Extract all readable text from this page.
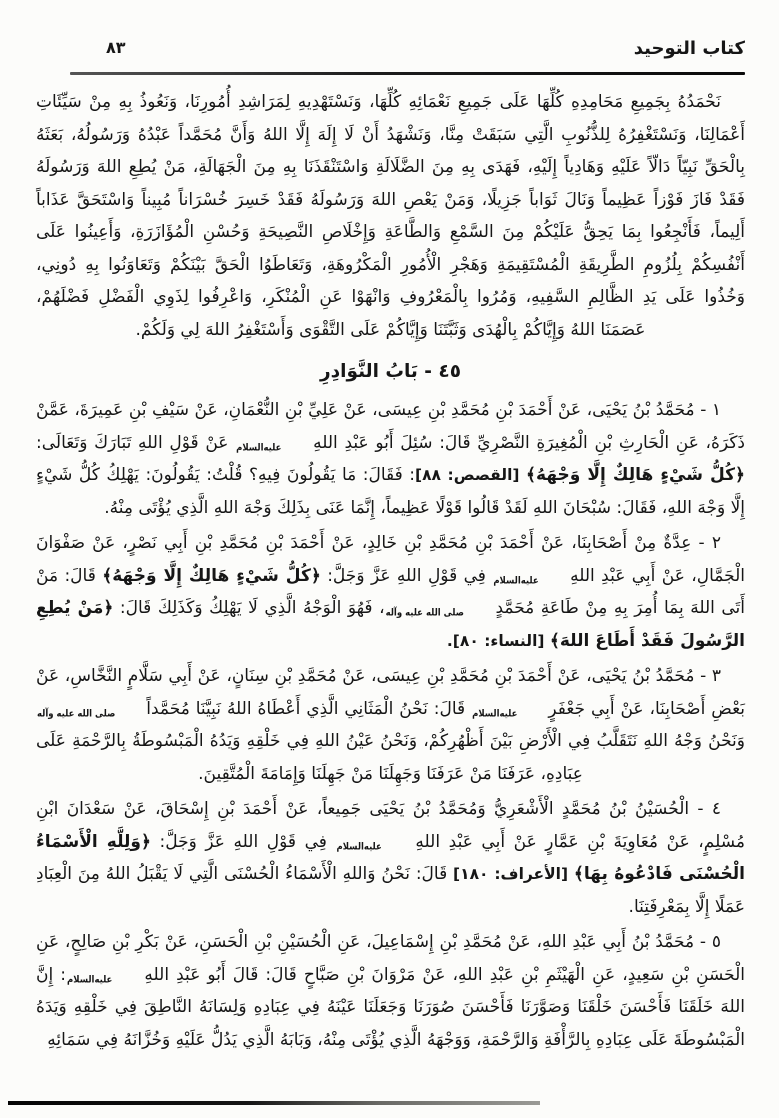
كتاب التوحيد
٨٣

نَحْمَدُهُ بِجَمِيعِ مَحَامِدِهِ كُلِّهَا عَلَى جَمِيعِ نَعْمَائِهِ كُلِّهَا، وَنَسْتَهْدِيهِ لِمَرَاشِدِ أُمُورِنَا، وَنَعُوذُ بِهِ مِنْ سَيِّئَاتِ أَعْمَالِنَا، وَنَسْتَغْفِرُهُ لِلذُّنُوبِ الَّتِي سَبَقَتْ مِنَّا، وَنَشْهَدُ أَنْ لَا إِلَهَ إِلَّا اللهُ وَأَنَّ مُحَمَّداً عَبْدُهُ وَرَسُولُهُ، بَعَثَهُ بِالْحَقِّ نَبِيّاً دَالّاً عَلَيْهِ وَهَادِياً إِلَيْهِ، فَهَدَى بِهِ مِنَ الضَّلَالَةِ وَاسْتَنْقَذَنَا بِهِ مِنَ الْجَهَالَةِ، مَنْ يُطِعِ اللهَ وَرَسُولَهُ فَقَدْ فَازَ فَوْزاً عَظِيماً وَنَالَ ثَوَاباً جَزِيلًا، وَمَنْ يَعْصِ اللهَ وَرَسُولَهُ فَقَدْ خَسِرَ خُسْرَاناً مُبِيناً وَاسْتَحَقَّ عَذَاباً أَلِيماً، فَأَنْجِعُوا بِمَا يَحِقُّ عَلَيْكُمْ مِنَ السَّمْعِ وَالطَّاعَةِ وَإِخْلَاصِ النَّصِيحَةِ وَحُسْنِ الْمُؤَازَرَةِ، وَأَعِينُوا عَلَى أَنْفُسِكُمْ بِلُزُومِ الطَّرِيقَةِ الْمُسْتَقِيمَةِ وَهَجْرِ الْأُمُورِ الْمَكْرُوهَةِ، وَتَعَاطَوُا الْحَقَّ بَيْنَكُمْ وَتَعَاوَنُوا بِهِ دُونِي، وَخُذُوا عَلَى يَدِ الظَّالِمِ السَّفِيهِ، وَمُرُوا بِالْمَعْرُوفِ وَانْهَوْا عَنِ الْمُنْكَرِ، وَاعْرِفُوا لِذَوِي الْفَضْلِ فَضْلَهُمْ، عَصَمَنَا اللهُ وَإِيَّاكُمْ بِالْهُدَى وَثَبَّتَنَا وَإِيَّاكُمْ عَلَى التَّقْوَى وَأَسْتَغْفِرُ اللهَ لِي وَلَكُمْ.

٤٥ - بَابُ النَّوَادِرِ

١ - مُحَمَّدُ بْنُ يَحْيَى، عَنْ أَحْمَدَ بْنِ مُحَمَّدِ بْنِ عِيسَى، عَنْ عَلِيِّ بْنِ النُّعْمَانِ، عَنْ سَيْفِ بْنِ عَمِيرَةَ، عَمَّنْ ذَكَرَهُ، عَنِ الْحَارِثِ بْنِ الْمُغِيرَةِ النَّصْرِيِّ قَالَ: سُئِلَ أَبُو عَبْدِ اللهِ عليه‌السلام عَنْ قَوْلِ اللهِ تَبَارَكَ وَتَعَالَى: ﴿كُلُّ شَيْءٍ هَالِكٌ إِلَّا وَجْهَهُ﴾ [القصص: ٨٨]: فَقَالَ: مَا يَقُولُونَ فِيهِ؟ قُلْتُ: يَقُولُونَ: يَهْلِكُ كُلُّ شَيْءٍ إِلَّا وَجْهَ اللهِ، فَقَالَ: سُبْحَانَ اللهِ لَقَدْ قَالُوا قَوْلًا عَظِيماً، إِنَّمَا عَنَى بِذَلِكَ وَجْهَ اللهِ الَّذِي يُؤْتَى مِنْهُ.

٢ - عِدَّةٌ مِنْ أَصْحَابِنَا، عَنْ أَحْمَدَ بْنِ مُحَمَّدِ بْنِ خَالِدٍ، عَنْ أَحْمَدَ بْنِ مُحَمَّدِ بْنِ أَبِي نَصْرٍ، عَنْ صَفْوَانَ الْجَمَّالِ، عَنْ أَبِي عَبْدِ اللهِ عليه‌السلام فِي قَوْلِ اللهِ عَزَّ وَجَلَّ: ﴿كُلُّ شَيْءٍ هَالِكٌ إِلَّا وَجْهَهُ﴾ قَالَ: مَنْ أَتَى اللهَ بِمَا أُمِرَ بِهِ مِنْ طَاعَةِ مُحَمَّدٍ صلى الله عليه وآله، فَهُوَ الْوَجْهُ الَّذِي لَا يَهْلِكُ وَكَذَلِكَ قَالَ: ﴿مَنْ يُطِعِ الرَّسُولَ فَقَدْ أَطَاعَ اللهَ﴾ [النساء: ٨٠].

٣ - مُحَمَّدُ بْنُ يَحْيَى، عَنْ أَحْمَدَ بْنِ مُحَمَّدِ بْنِ عِيسَى، عَنْ مُحَمَّدِ بْنِ سِنَانٍ، عَنْ أَبِي سَلَّامٍ النَّخَّاسِ، عَنْ بَعْضِ أَصْحَابِنَا، عَنْ أَبِي جَعْفَرٍ عليه‌السلام قَالَ: نَحْنُ الْمَثَانِي الَّذِي أَعْطَاهُ اللهُ نَبِيَّنَا مُحَمَّداً صلى الله عليه وآله وَنَحْنُ وَجْهُ اللهِ نَتَقَلَّبُ فِي الْأَرْضِ بَيْنَ أَظْهُرِكُمْ، وَنَحْنُ عَيْنُ اللهِ فِي خَلْقِهِ وَيَدُهُ الْمَبْسُوطَةُ بِالرَّحْمَةِ عَلَى عِبَادِهِ، عَرَفَنَا مَنْ عَرَفَنَا وَجَهِلَنَا مَنْ جَهِلَنَا وَإِمَامَةَ الْمُتَّقِينَ.

٤ - الْحُسَيْنُ بْنُ مُحَمَّدٍ الْأَشْعَرِيُّ وَمُحَمَّدُ بْنُ يَحْيَى جَمِيعاً، عَنْ أَحْمَدَ بْنِ إِسْحَاقَ، عَنْ سَعْدَانَ ابْنِ مُسْلِمٍ، عَنْ مُعَاوِيَةَ بْنِ عَمَّارٍ عَنْ أَبِي عَبْدِ اللهِ عليه‌السلام فِي قَوْلِ اللهِ عَزَّ وَجَلَّ: ﴿وَلِلَّهِ الْأَسْمَاءُ الْحُسْنَى فَادْعُوهُ بِهَا﴾ [الأعراف: ١٨٠] قَالَ: نَحْنُ وَاللهِ الْأَسْمَاءُ الْحُسْنَى الَّتِي لَا يَقْبَلُ اللهُ مِنَ الْعِبَادِ عَمَلًا إِلَّا بِمَعْرِفَتِنَا.

٥ - مُحَمَّدُ بْنُ أَبِي عَبْدِ اللهِ، عَنْ مُحَمَّدِ بْنِ إِسْمَاعِيلَ، عَنِ الْحُسَيْنِ بْنِ الْحَسَنِ، عَنْ بَكْرِ بْنِ صَالِحٍ، عَنِ الْحَسَنِ بْنِ سَعِيدٍ، عَنِ الْهَيْثَمِ بْنِ عَبْدِ اللهِ، عَنْ مَرْوَانَ بْنِ صَبَّاحٍ قَالَ: قَالَ أَبُو عَبْدِ اللهِ عليه‌السلام: إِنَّ اللهَ خَلَقَنَا فَأَحْسَنَ خَلْقَنَا وَصَوَّرَنَا فَأَحْسَنَ صُوَرَنَا وَجَعَلَنَا عَيْنَهُ فِي عِبَادِهِ وَلِسَانَهُ النَّاطِقَ فِي خَلْقِهِ وَيَدَهُ الْمَبْسُوطَةَ عَلَى عِبَادِهِ بِالرَّأْفَةِ وَالرَّحْمَةِ، وَوَجْهَهُ الَّذِي يُؤْتَى مِنْهُ، وَبَابَهُ الَّذِي يَدُلُّ عَلَيْهِ وَخُزَّانَهُ فِي سَمَائِهِ
